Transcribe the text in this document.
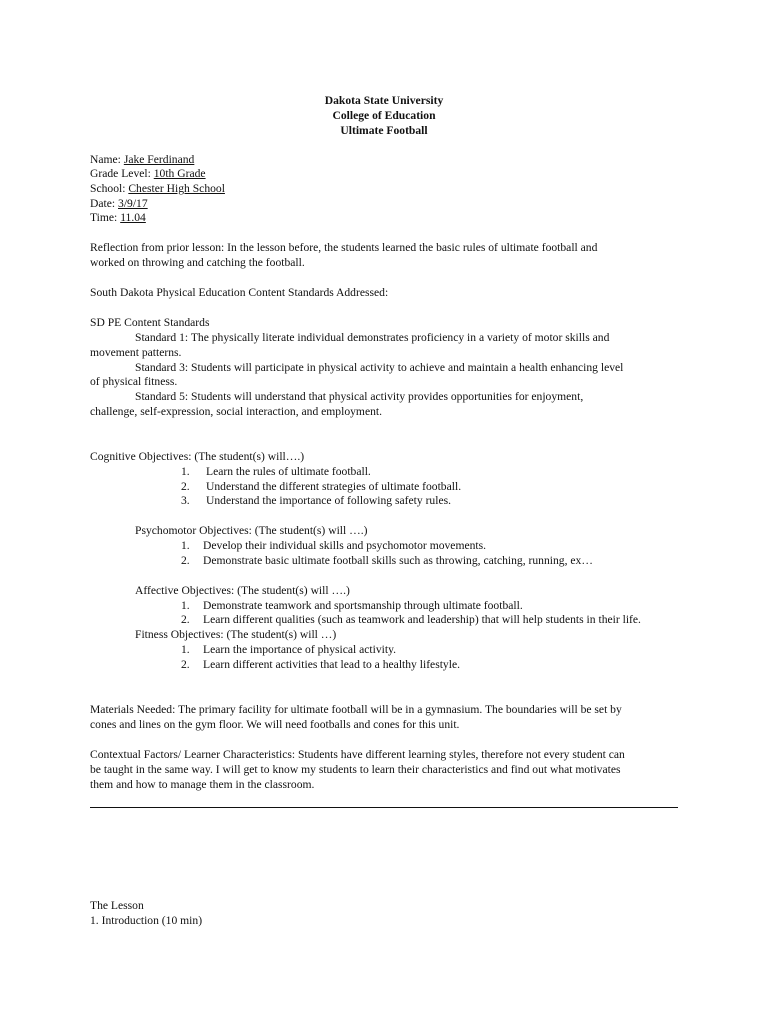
Dakota State University
College of Education
Ultimate Football
Name: Jake Ferdinand
Grade Level: 10th Grade
School: Chester High School
Date: 3/9/17
Time: 11.04
Reflection from prior lesson: In the lesson before, the students learned the basic rules of ultimate football and
worked on throwing and catching the football.
South Dakota Physical Education Content Standards Addressed:
SD PE Content Standards
Standard 1: The physically literate individual demonstrates proficiency in a variety of motor skills and
movement patterns.
Standard 3: Students will participate in physical activity to achieve and maintain a health enhancing level
of physical fitness.
Standard 5: Students will understand that physical activity provides opportunities for enjoyment,
challenge, self-expression, social interaction, and employment.
Cognitive Objectives: (The student(s) will….)
1. Learn the rules of ultimate football.
2. Understand the different strategies of ultimate football.
3. Understand the importance of following safety rules.
Psychomotor Objectives: (The student(s) will ….)
1. Develop their individual skills and psychomotor movements.
2. Demonstrate basic ultimate football skills such as throwing, catching, running, ex…
Affective Objectives: (The student(s) will ….)
1. Demonstrate teamwork and sportsmanship through ultimate football.
2. Learn different qualities (such as teamwork and leadership) that will help students in their life.
Fitness Objectives: (The student(s) will …)
1. Learn the importance of physical activity.
2. Learn different activities that lead to a healthy lifestyle.
Materials Needed: The primary facility for ultimate football will be in a gymnasium. The boundaries will be set by
cones and lines on the gym floor. We will need footballs and cones for this unit.
Contextual Factors/ Learner Characteristics: Students have different learning styles, therefore not every student can
be taught in the same way. I will get to know my students to learn their characteristics and find out what motivates
them and how to manage them in the classroom.
The Lesson
1. Introduction (10 min)
